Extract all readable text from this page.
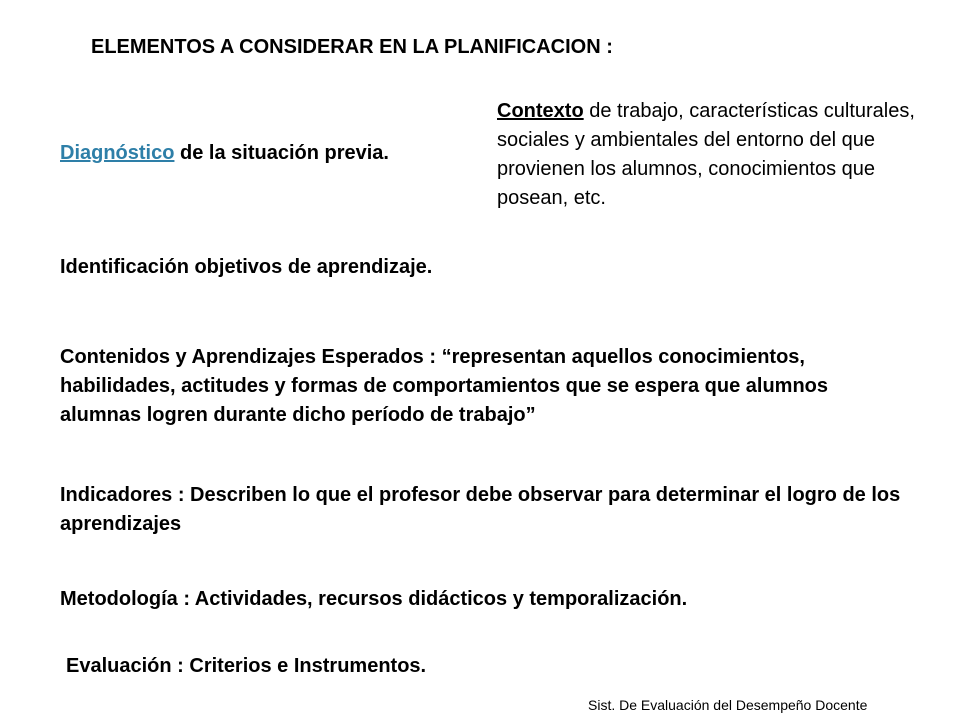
ELEMENTOS A CONSIDERAR EN LA PLANIFICACION :
Diagnóstico de la situación previa.
Contexto de trabajo, características culturales, sociales y ambientales del entorno del que provienen los alumnos, conocimientos que posean, etc.
Identificación objetivos de aprendizaje.
Contenidos y Aprendizajes Esperados : “representan aquellos conocimientos, habilidades, actitudes y formas de comportamientos que se espera que alumnos alumnas logren durante dicho período de trabajo”
Indicadores : Describen lo que el profesor debe observar para determinar el logro de los aprendizajes
Metodología : Actividades, recursos didácticos y temporalización.
Evaluación : Criterios e Instrumentos.
Sist. De Evaluación del Desempeño Docente
